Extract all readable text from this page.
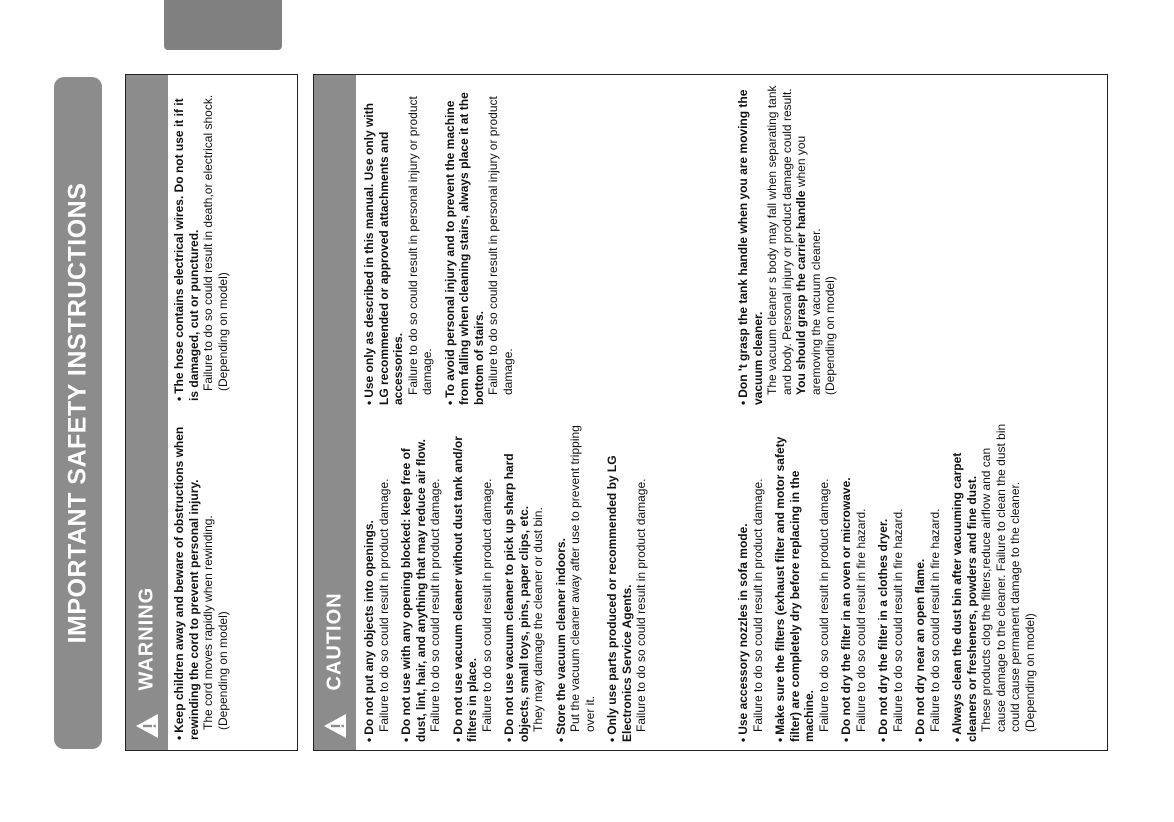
IMPORTANT SAFETY INSTRUCTIONS WARNING
•Keep children away and beware of obstructions when rewinding the cord to prevent personal injury. The cord moves rapidly when rewinding. (Depending on model)
•The hose contains electrical wires. Do not use it if it is damaged, cut or punctured. Failure to do so could result in death,or electrical shock. (Depending on model)
CAUTION
•Do not put any objects into openings. Failure to do so could result in product damage.
•Do not use with any opening blocked: keep free of dust, lint, hair, and anything that may reduce air flow. Failure to do so could result in product damage.
•Do not use vacuum cleaner without dust tank and/or filters in place. Failure to do so could result in product damage.
•Do not use vacuum cleaner to pick up sharp hard objects, small toys, pins, paper clips, etc. They may damage the cleaner or dust bin.
•Store the vacuum cleaner indoors. Put the vacuum cleaner away after use to prevent tripping over it.
•Only use parts produced or recommended by LG Electronics Service Agents. Failure to do so could result in product damage.
•Use only as described in this manual. Use only with LG recommended or approved attachments and accessories. Failure to do so could result in personal injury or product damage.
•To avoid personal injury and to prevent the machine from falling when cleaning stairs, always place it at the bottom of stairs. Failure to do so could result in personal injury or product damage.
•Use accessory nozzles in sofa mode. Failure to do so could result in product damage.
•Make sure the filters (exhaust filter and motor safety filter) are completely dry before replacing in the machine. Failure to do so could result in product damage.
•Do not dry the filter in an oven or microwave. Failure to do so could result in fire hazard.
•Do not dry the filter in a clothes dryer. Failure to do so could result in fire hazard.
•Do not dry near an open flame. Failure to do so could result in fire hazard.
•Always clean the dust bin after vacuuming carpet cleaners or fresheners, powders and fine dust. These products clog the filters,reduce airflow and can cause damage to the cleaner. Failure to clean the dust bin could cause permanent damage to the cleaner. (Depending on model)
•Don 't grasp the tank handle when you are moving the vacuum cleaner. The vacuum cleaner s body may fall when separating tank and body. Personal injury or product damage could result. You should grasp the carrier handle when you aremoving the vacuum cleaner. (Depending on model)
